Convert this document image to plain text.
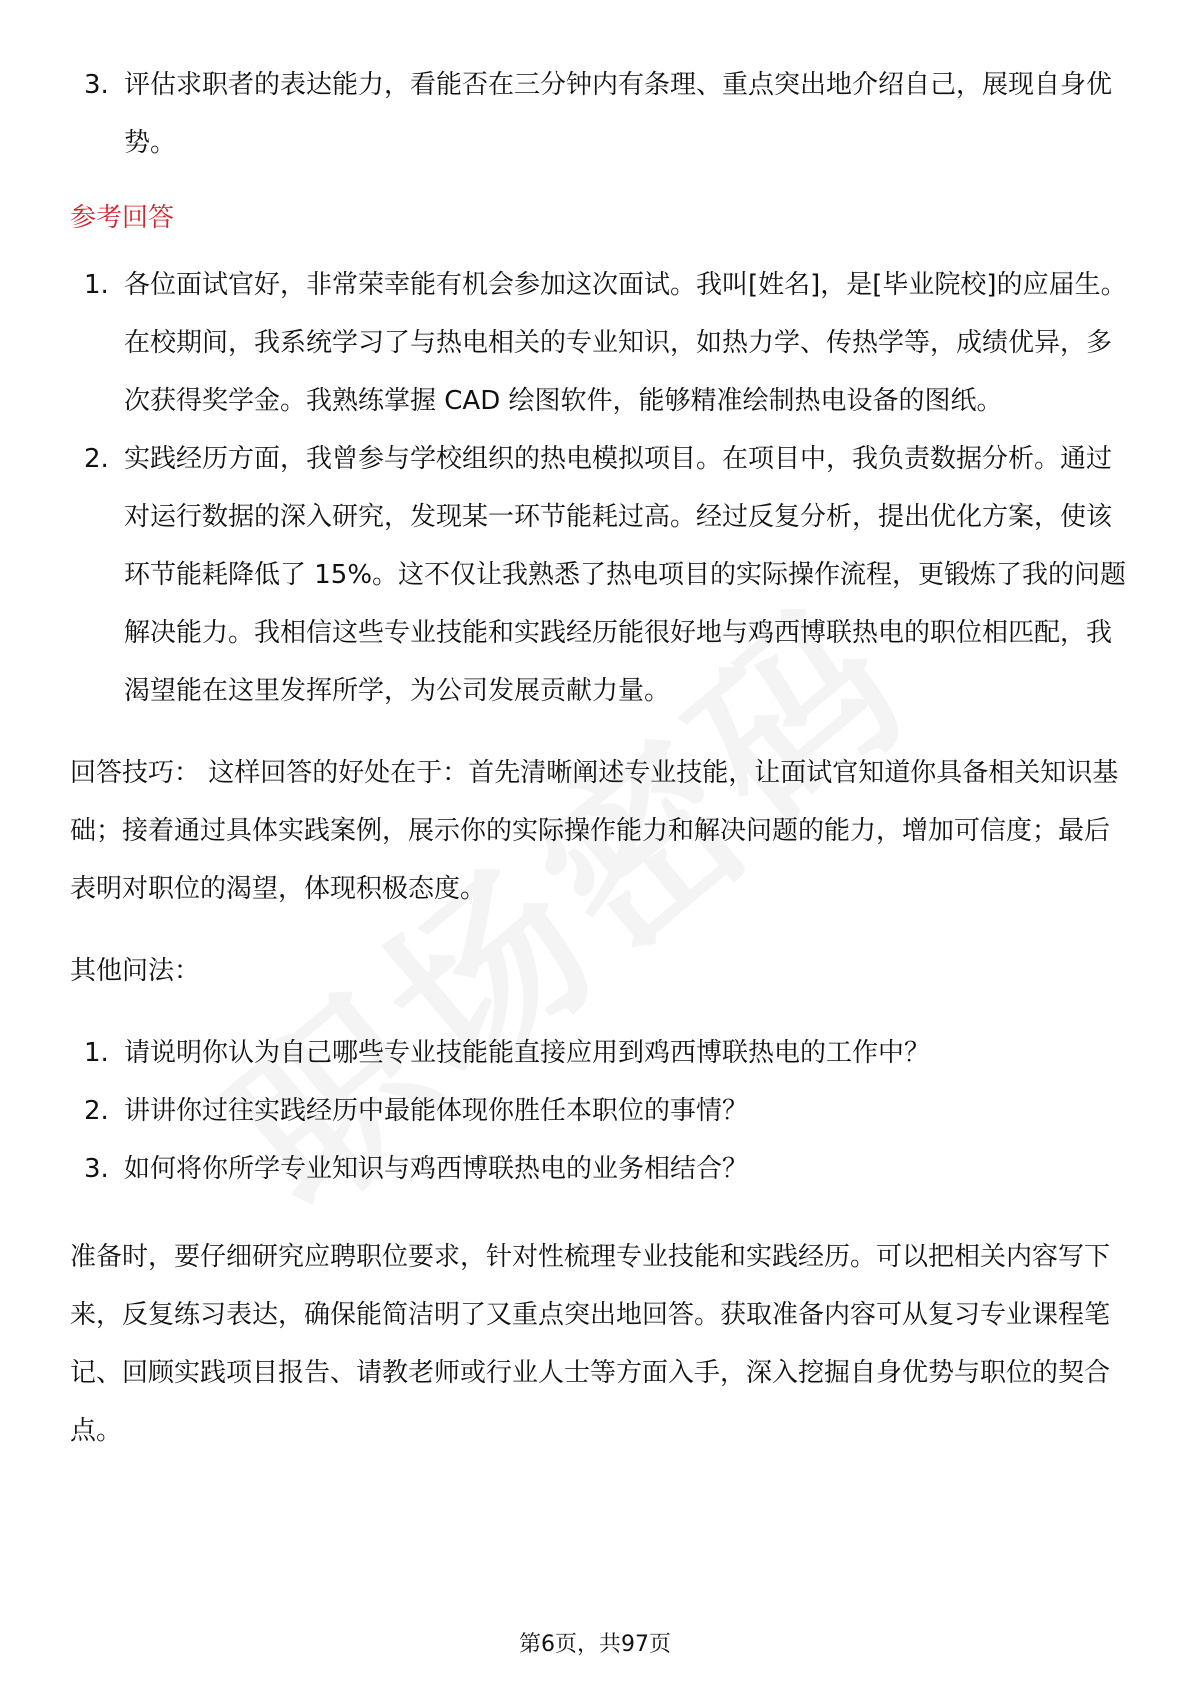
3. 评估求职者的表达能力，看能否在三分钟内有条理、重点突出地介绍自己，展现自身优势。
参考回答
1. 各位面试官好，非常荣幸能有机会参加这次面试。我叫[姓名]，是[毕业院校]的应届生。在校期间，我系统学习了与热电相关的专业知识，如热力学、传热学等，成绩优异，多次获得奖学金。我熟练掌握 CAD 绘图软件，能够精准绘制热电设备的图纸。
2. 实践经历方面，我曾参与学校组织的热电模拟项目。在项目中，我负责数据分析。通过对运行数据的深入研究，发现某一环节能耗过高。经过反复分析，提出优化方案，使该环节能耗降低了 15%。这不仅让我熟悉了热电项目的实际操作流程，更锻炼了我的问题解决能力。我相信这些专业技能和实践经历能很好地与鸡西博联热电的职位相匹配，我渴望能在这里发挥所学，为公司发展贡献力量。

回答技巧： 这样回答的好处在于：首先清晰阐述专业技能，让面试官知道你具备相关知识基础；接着通过具体实践案例，展示你的实际操作能力和解决问题的能力，增加可信度；最后表明对职位的渴望，体现积极态度。

其他问法：

1. 请说明你认为自己哪些专业技能能直接应用到鸡西博联热电的工作中？
2. 讲讲你过往实践经历中最能体现你胜任本职位的事情？
3. 如何将你所学专业知识与鸡西博联热电的业务相结合？

准备时，要仔细研究应聘职位要求，针对性梳理专业技能和实践经历。可以把相关内容写下来，反复练习表达，确保能简洁明了又重点突出地回答。获取准备内容可从复习专业课程笔记、回顾实践项目报告、请教老师或行业人士等方面入手，深入挖掘自身优势与职位的契合点。

第6页，共97页
